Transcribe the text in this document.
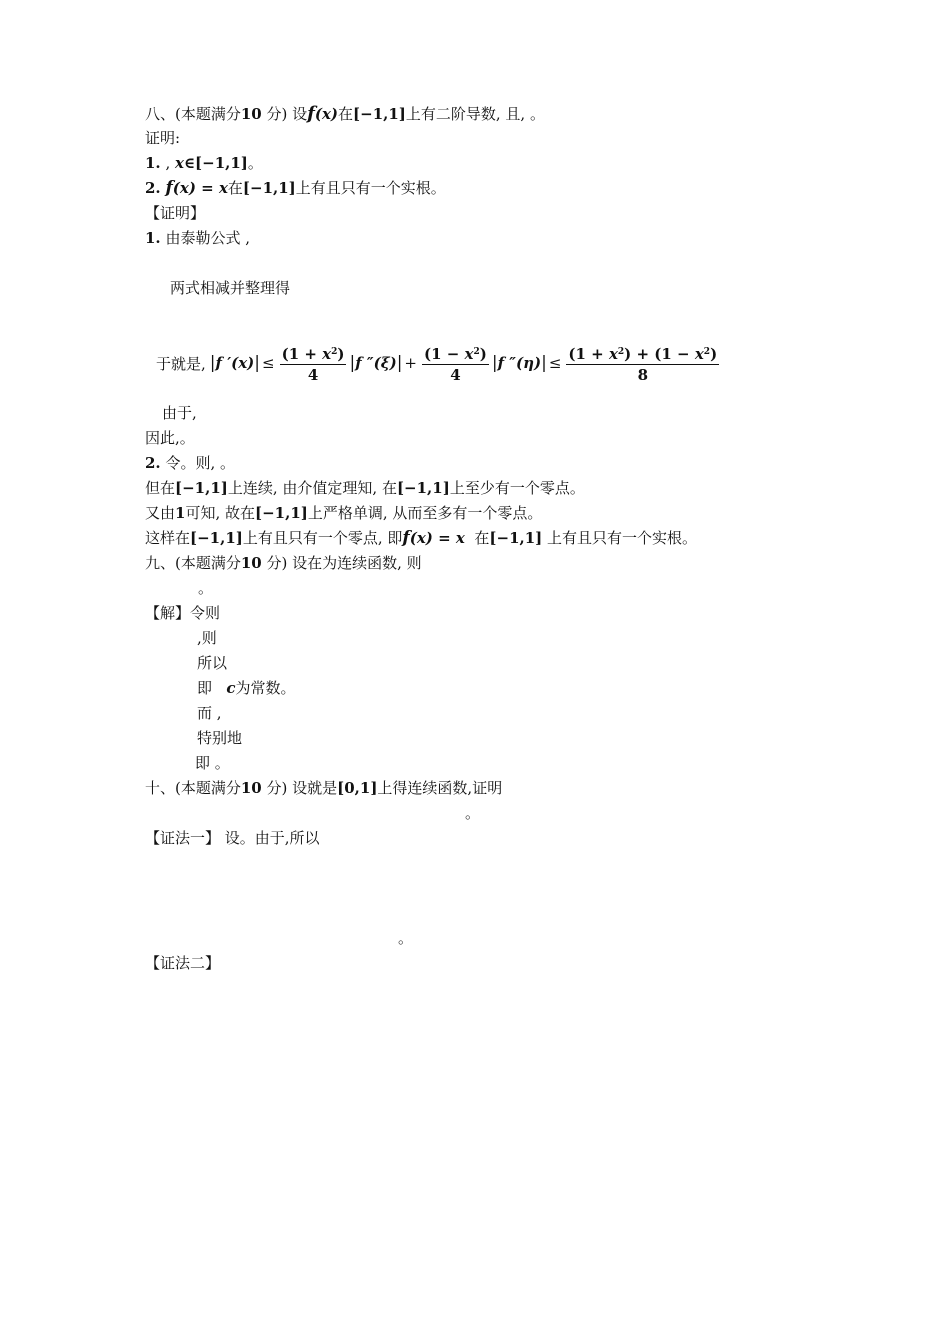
八、(本题满分10 分) 设f(x)在[−1,1]上有二阶导数, 且, 。
证明:
1. , x∈[−1,1]。
2. f(x) = x在[−1,1]上有且只有一个实根。
【证明】
1. 由泰勒公式 ,
两式相减并整理得
于就是, | f ′(x) | ≤ $\frac{(1 + x^2)}{4}$ | f ″(ξ) | + $\frac{(1 - x^2)}{4}$ | f ″(η) | ≤ $\frac{(1 + x^2) + (1 - x^2)}{8}$
由于,
因此,。
2. 令。则, 。
但在[−1,1]上连续, 由介值定理知, 在[−1,1]上至少有一个零点。
又由1可知, 故在[−1,1]上严格单调, 从而至多有一个零点。
这样在[−1,1]上有且只有一个零点, 即f(x) = x 在[−1,1] 上有且只有一个实根。
九、(本题满分10 分) 设在为连续函数, 则
。
【解】令则
,则
所以
即 c为常数。
而 ,
特别地
即 。
十、(本题满分10 分) 设就是[0,1]上得连续函数,证明
。
【证法一】 设。由于,所以
。
【证法二】
